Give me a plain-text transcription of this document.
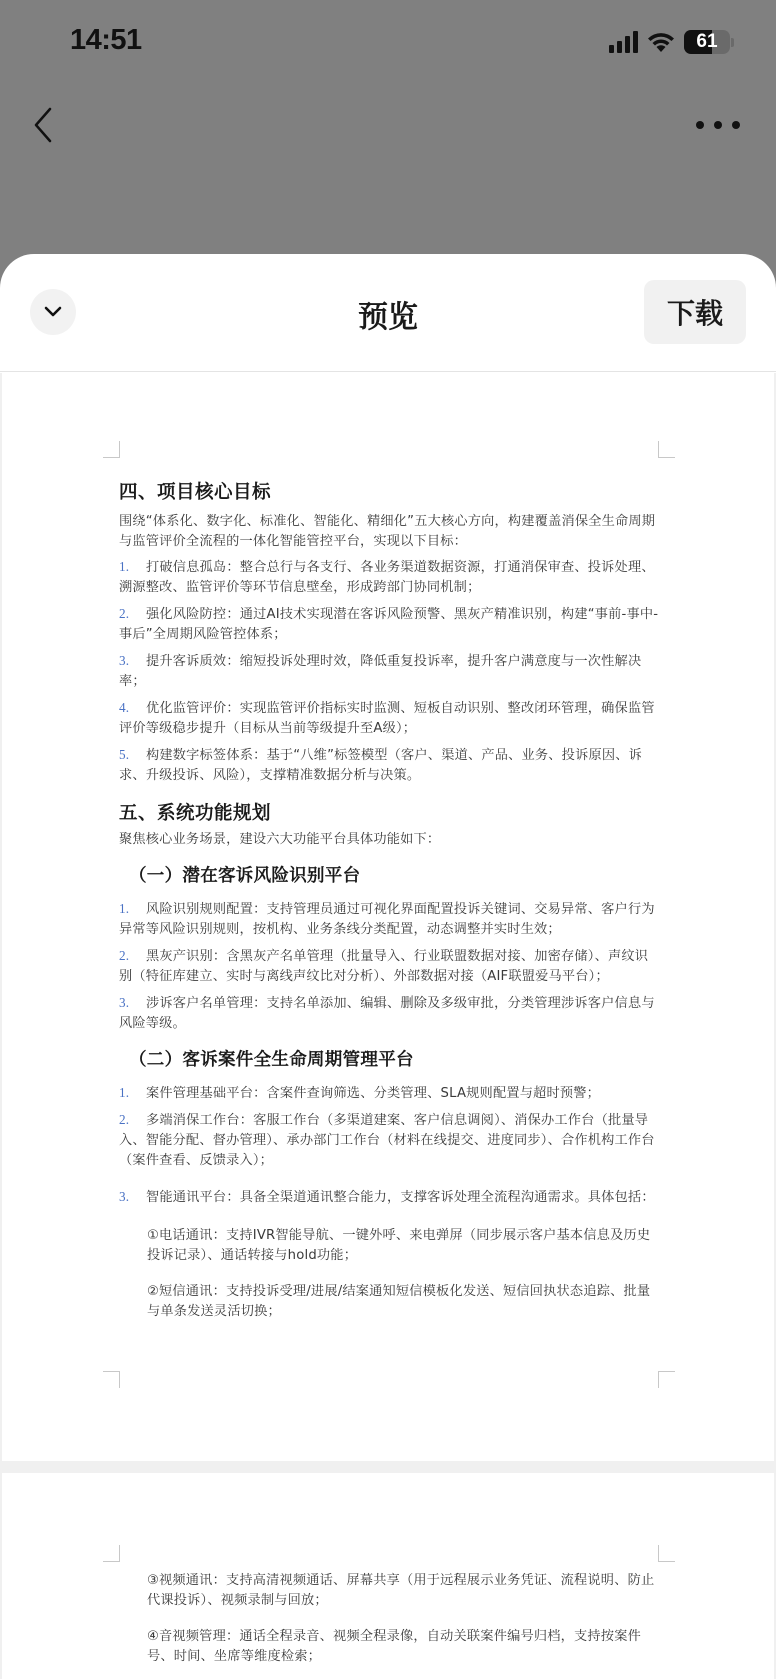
14:51	61
预览	下载
四、项目核心目标
围绕“体系化、数字化、标准化、智能化、精细化”五大核心方向，构建覆盖消保全生命周期与监管评价全流程的一体化智能管控平台，实现以下目标：
1. 打破信息孤岛：整合总行与各支行、各业务渠道数据资源，打通消保审查、投诉处理、溯源整改、监管评价等环节信息壁垒，形成跨部门协同机制；
2. 强化风险防控：通过AI技术实现潜在客诉风险预警、黑灰产精准识别，构建“事前-事中-事后”全周期风险管控体系；
3. 提升客诉质效：缩短投诉处理时效，降低重复投诉率，提升客户满意度与一次性解决率；
4. 优化监管评价：实现监管评价指标实时监测、短板自动识别、整改闭环管理，确保监管评价等级稳步提升（目标从当前等级提升至A级）；
5. 构建数字标签体系：基于“八维”标签模型（客户、渠道、产品、业务、投诉原因、诉求、升级投诉、风险），支撑精准数据分析与决策。
五、系统功能规划
聚焦核心业务场景，建设六大功能平台具体功能如下：
（一）潜在客诉风险识别平台
1. 风险识别规则配置：支持管理员通过可视化界面配置投诉关键词、交易异常、客户行为异常等风险识别规则，按机构、业务条线分类配置，动态调整并实时生效；
2. 黑灰产识别：含黑灰产名单管理（批量导入、行业联盟数据对接、加密存储）、声纹识别（特征库建立、实时与离线声纹比对分析）、外部数据对接（AIF联盟爱马平台）；
3. 涉诉客户名单管理：支持名单添加、编辑、删除及多级审批，分类管理涉诉客户信息与风险等级。
（二）客诉案件全生命周期管理平台
1. 案件管理基础平台：含案件查询筛选、分类管理、SLA规则配置与超时预警；
2. 多端消保工作台：客服工作台（多渠道建案、客户信息调阅）、消保办工作台（批量导入、智能分配、督办管理）、承办部门工作台（材料在线提交、进度同步）、合作机构工作台（案件查看、反馈录入）；
3. 智能通讯平台：具备全渠道通讯整合能力，支撑客诉处理全流程沟通需求。具体包括：
①电话通讯：支持IVR智能导航、一键外呼、来电弹屏（同步展示客户基本信息及历史投诉记录）、通话转接与hold功能；
②短信通讯：支持投诉受理/进展/结案通知短信模板化发送、短信回执状态追踪、批量与单条发送灵活切换；
③视频通讯：支持高清视频通话、屏幕共享（用于远程展示业务凭证、流程说明、防止代课投诉）、视频录制与回放；
④音视频管理：通话全程录音、视频全程录像，自动关联案件编号归档，支持按案件号、时间、坐席等维度检索；
